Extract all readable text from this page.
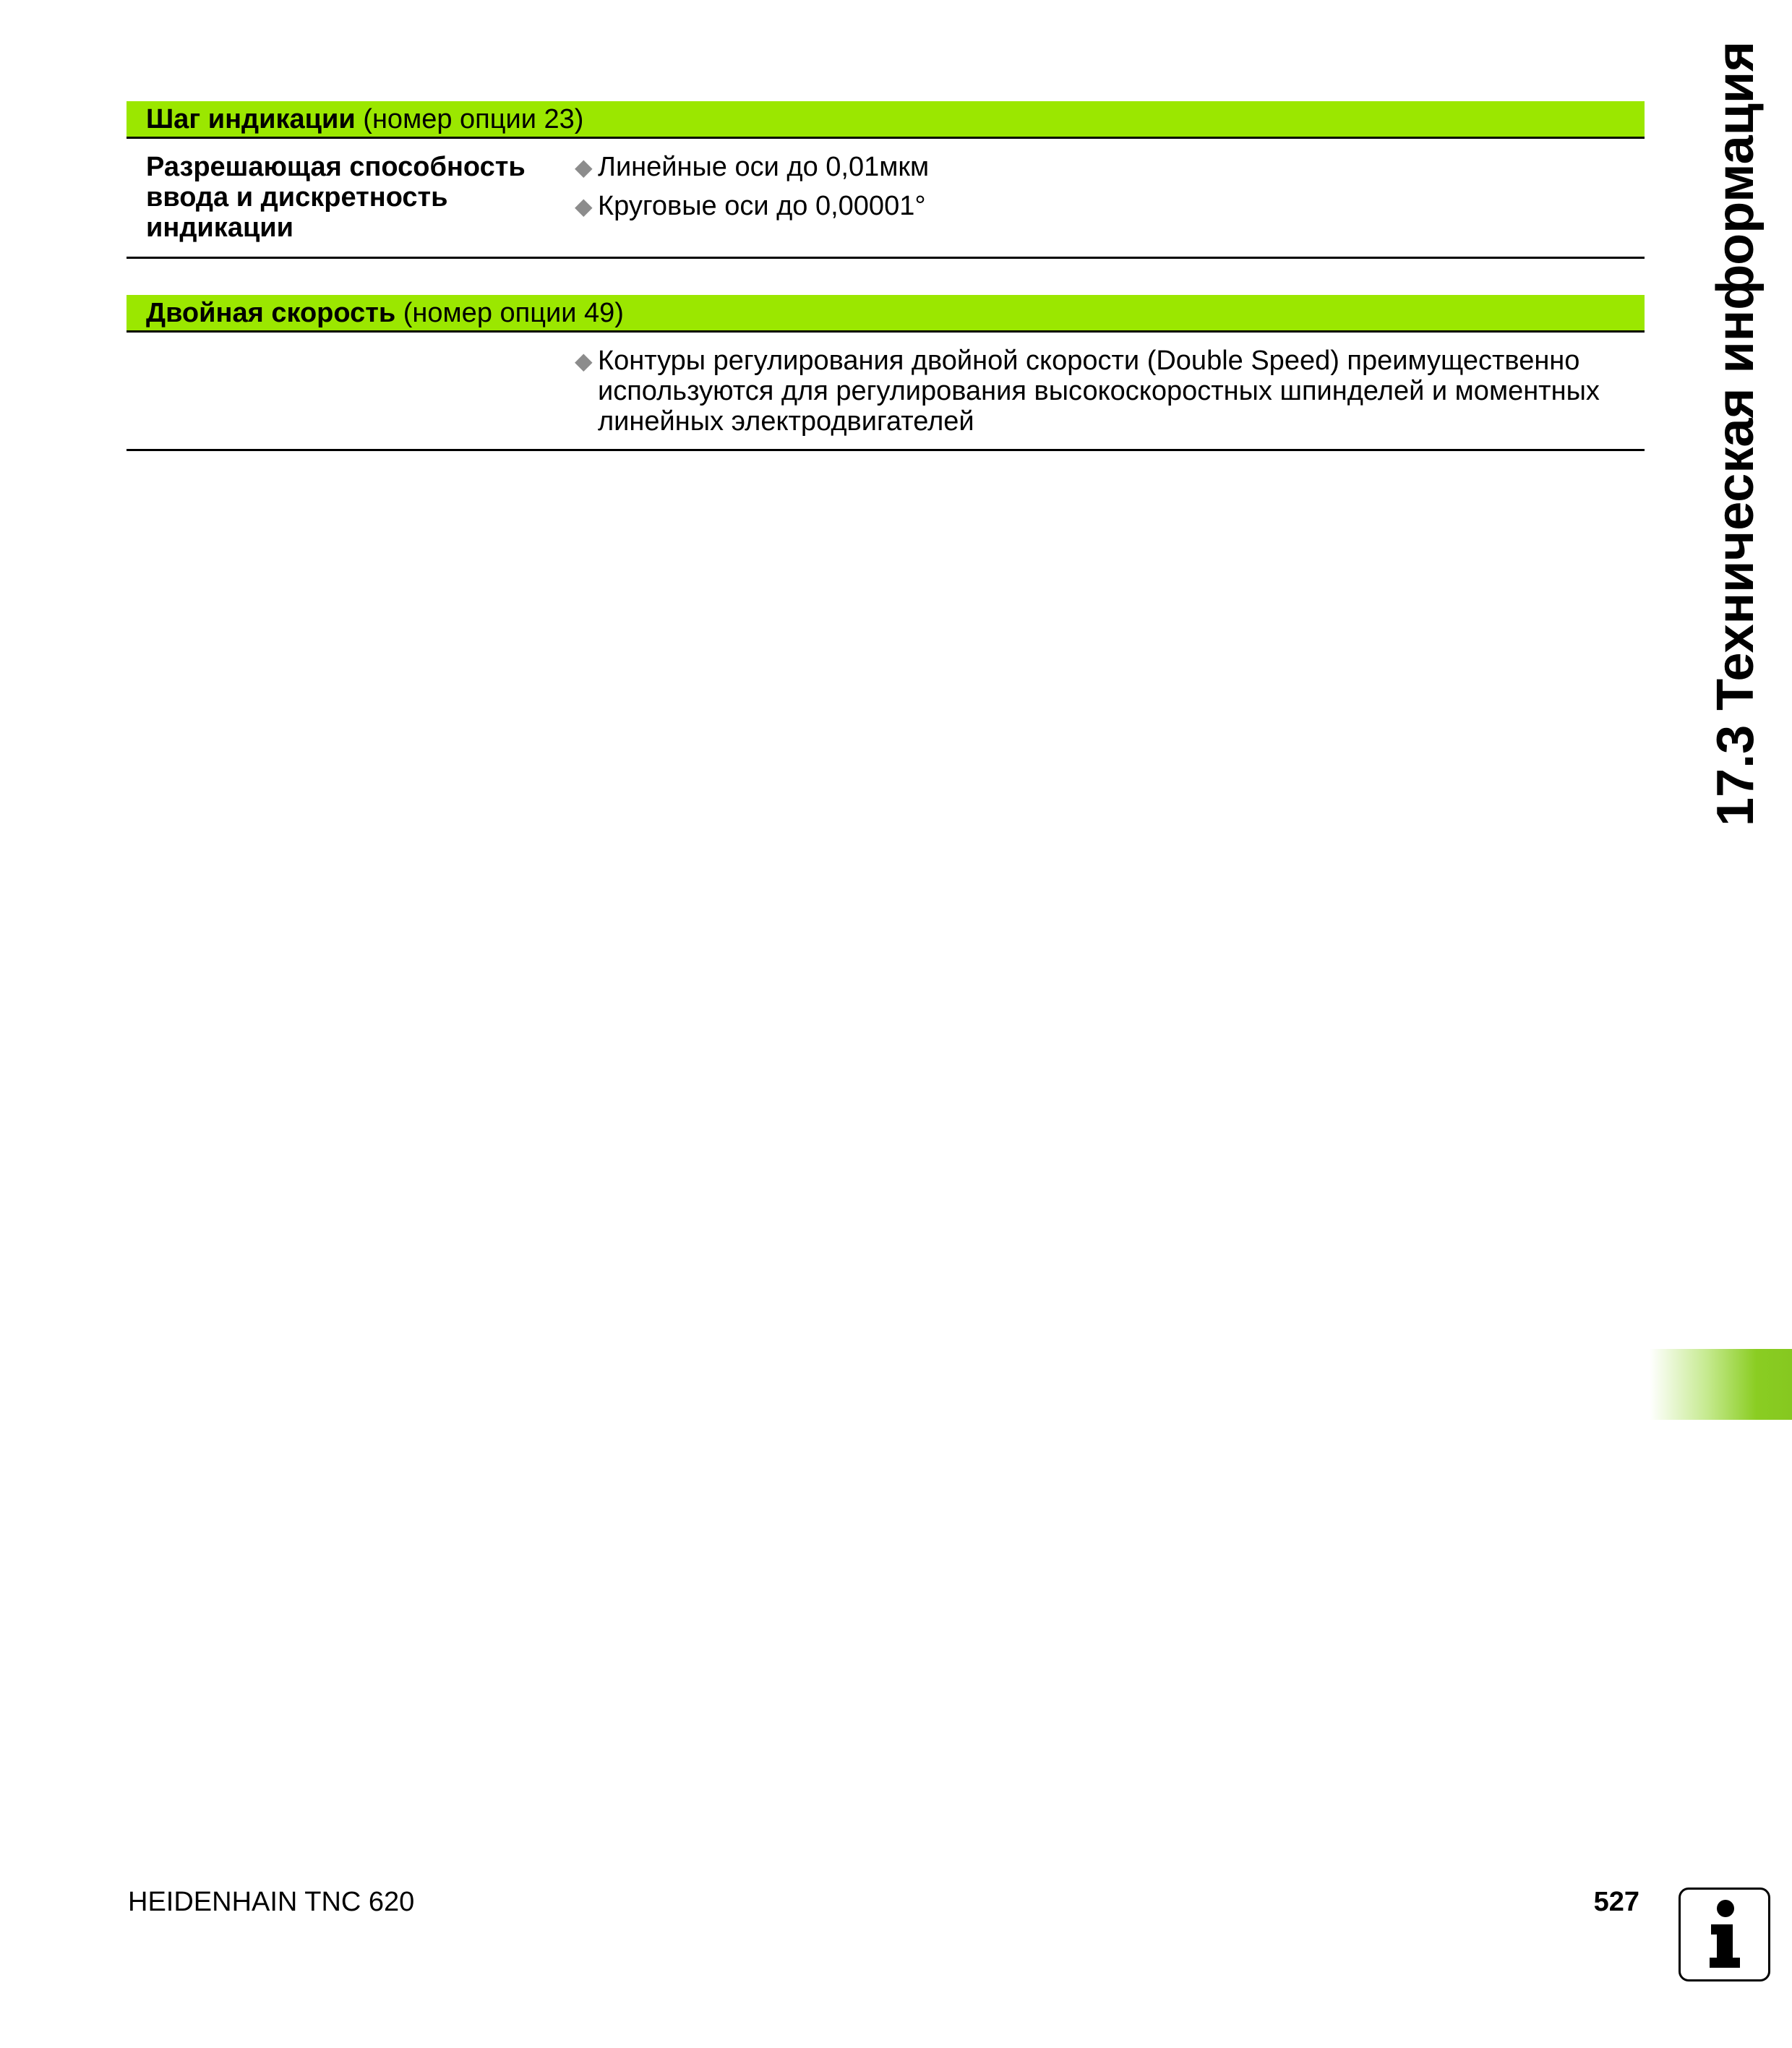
Шаг индикации
(номер опции 23)
Разрешающая способность
ввода и дискретность
индикации
◆ Линейные оси до 0,01мкм
◆ Круговые оси до 0,00001°
Двойная скорость
(номер опции 49)
◆ Контуры регулирования двойной скорости (Double Speed) преимущественно
используются для регулирования высокоскоростных шпинделей и моментных
линейных электродвигателей	17.3 Техническая информация
HEIDENHAIN TNC 620	527
